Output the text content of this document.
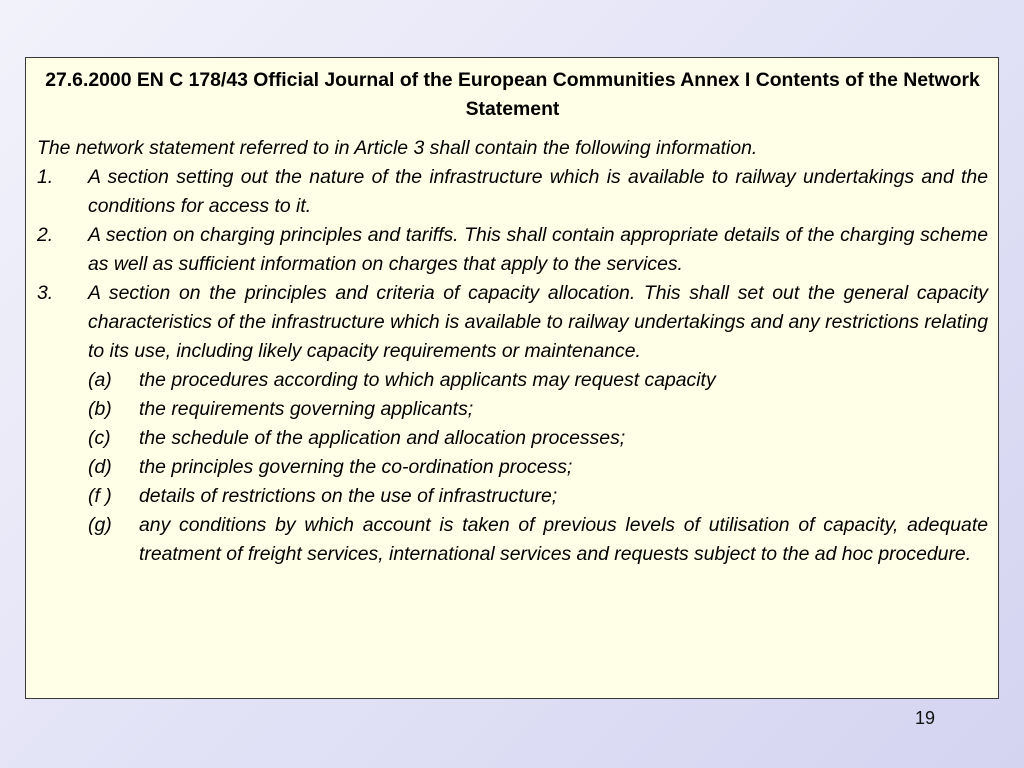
27.6.2000 EN C 178/43 Official Journal of the European Communities Annex I Contents of the Network Statement
The network statement referred to in Article 3 shall contain the following information.
1.	A section setting out the nature of the infrastructure which is available to railway undertakings and the conditions for access to it.
2.	A section on charging principles and tariffs. This shall contain appropriate details of the charging scheme as well as sufficient information on charges that apply to the services.
3.	A section on the principles and criteria of capacity allocation. This shall set out the general capacity characteristics of the infrastructure which is available to railway undertakings and any restrictions relating to its use, including likely capacity requirements or maintenance.
(a)	the procedures according to which applicants may request capacity
(b)	the requirements governing applicants;
(c)	the schedule of the application and allocation processes;
(d)	the principles governing the co-ordination process;
(f )	details of restrictions on the use of infrastructure;
(g)	any conditions by which account is taken of previous levels of utilisation of capacity, adequate treatment of freight services, international services and requests subject to the ad hoc procedure.
19
